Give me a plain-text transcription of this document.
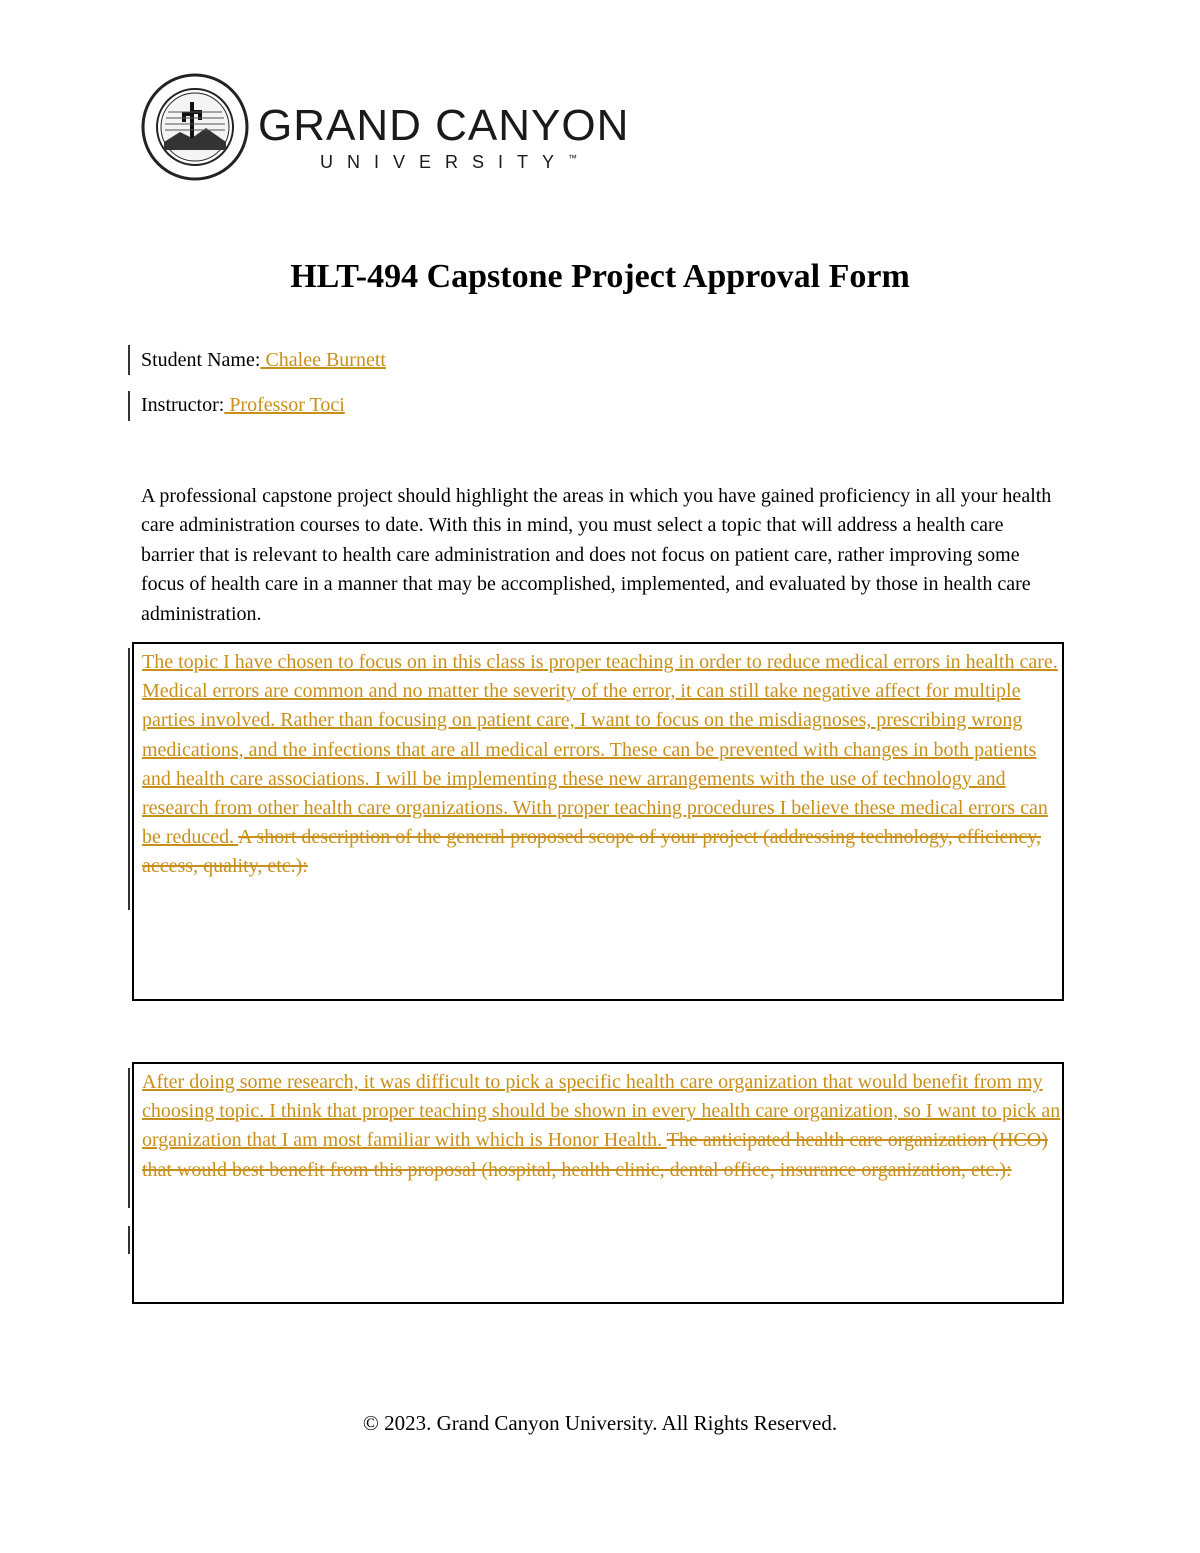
GRAND CANYON
UNIVERSITY™
HLT-494 Capstone Project Approval Form
Student Name: Chalee Burnett
Instructor: Professor Toci
A professional capstone project should highlight the areas in which you have gained proficiency in all your health care administration courses to date. With this in mind, you must select a topic that will address a health care barrier that is relevant to health care administration and does not focus on patient care, rather improving some focus of health care in a manner that may be accomplished, implemented, and evaluated by those in health care administration.
The topic I have chosen to focus on in this class is proper teaching in order to reduce medical errors in health care. Medical errors are common and no matter the severity of the error, it can still take negative affect for multiple parties involved. Rather than focusing on patient care, I want to focus on the misdiagnoses, prescribing wrong medications, and the infections that are all medical errors. These can be prevented with changes in both patients and health care associations. I will be implementing these new arrangements with the use of technology and research from other health care organizations. With proper teaching procedures I believe these medical errors can be reduced. A short description of the general proposed scope of your project (addressing technology, efficiency, access, quality, etc.):
After doing some research, it was difficult to pick a specific health care organization that would benefit from my choosing topic. I think that proper teaching should be shown in every health care organization, so I want to pick an organization that I am most familiar with which is Honor Health. The anticipated health care organization (HCO) that would best benefit from this proposal (hospital, health clinic, dental office, insurance organization, etc.):
© 2023. Grand Canyon University. All Rights Reserved.
